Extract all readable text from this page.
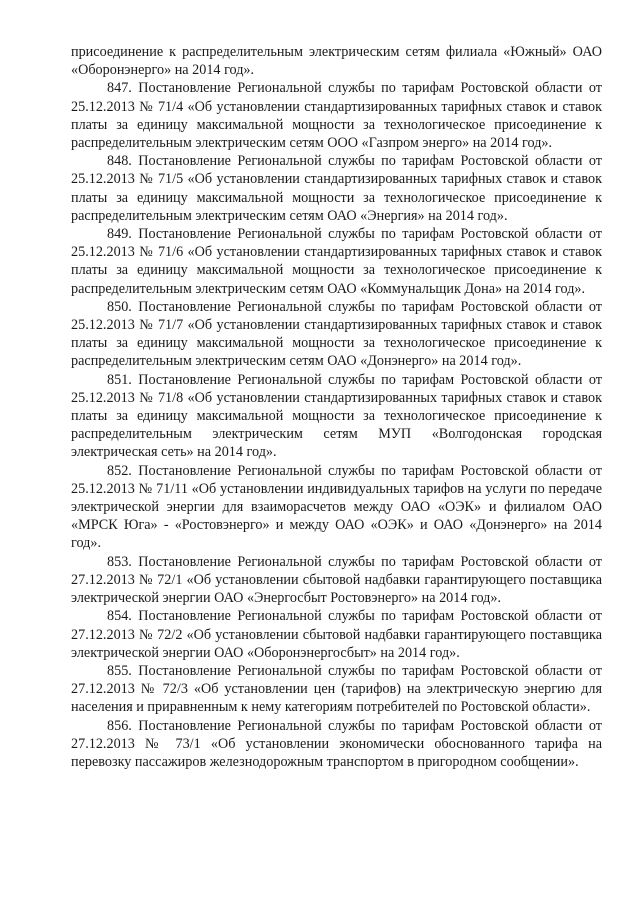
присоединение к распределительным электрическим сетям филиала «Южный» ОАО «Оборонэнерго» на 2014 год».

847. Постановление Региональной службы по тарифам Ростовской области от 25.12.2013 № 71/4 «Об установлении стандартизированных тарифных ставок и ставок платы за единицу максимальной мощности за технологическое присоединение к распределительным электрическим сетям ООО «Газпром энерго» на 2014 год».

848. Постановление Региональной службы по тарифам Ростовской области от 25.12.2013 № 71/5 «Об установлении стандартизированных тарифных ставок и ставок платы за единицу максимальной мощности за технологическое присоединение к распределительным электрическим сетям ОАО «Энергия» на 2014 год».

849. Постановление Региональной службы по тарифам Ростовской области от 25.12.2013 № 71/6 «Об установлении стандартизированных тарифных ставок и ставок платы за единицу максимальной мощности за технологическое присоединение к распределительным электрическим сетям ОАО «Коммунальщик Дона» на 2014 год».

850. Постановление Региональной службы по тарифам Ростовской области от 25.12.2013 № 71/7 «Об установлении стандартизированных тарифных ставок и ставок платы за единицу максимальной мощности за технологическое присоединение к распределительным электрическим сетям ОАО «Донэнерго» на 2014 год».

851. Постановление Региональной службы по тарифам Ростовской области от 25.12.2013 № 71/8 «Об установлении стандартизированных тарифных ставок и ставок платы за единицу максимальной мощности за технологическое присоединение к распределительным электрическим сетям МУП «Волгодонская городская электрическая сеть» на 2014 год».

852. Постановление Региональной службы по тарифам Ростовской области от 25.12.2013 № 71/11 «Об установлении индивидуальных тарифов на услуги по передаче электрической энергии для взаиморасчетов между ОАО «ОЭК» и филиалом ОАО «МРСК Юга» - «Ростовэнерго» и между ОАО «ОЭК» и ОАО «Донэнерго» на 2014 год».

853. Постановление Региональной службы по тарифам Ростовской области от 27.12.2013 № 72/1 «Об установлении сбытовой надбавки гарантирующего поставщика электрической энергии ОАО «Энергосбыт Ростовэнерго» на 2014 год».

854. Постановление Региональной службы по тарифам Ростовской области от 27.12.2013 № 72/2 «Об установлении сбытовой надбавки гарантирующего поставщика электрической энергии ОАО «Оборонэнергосбыт» на 2014 год».

855. Постановление Региональной службы по тарифам Ростовской области от 27.12.2013 № 72/3 «Об установлении цен (тарифов) на электрическую энергию для населения и приравненным к нему категориям потребителей по Ростовской области».

856. Постановление Региональной службы по тарифам Ростовской области от 27.12.2013 № 73/1 «Об установлении экономически обоснованного тарифа на перевозку пассажиров железнодорожным транспортом в пригородном сообщении».
